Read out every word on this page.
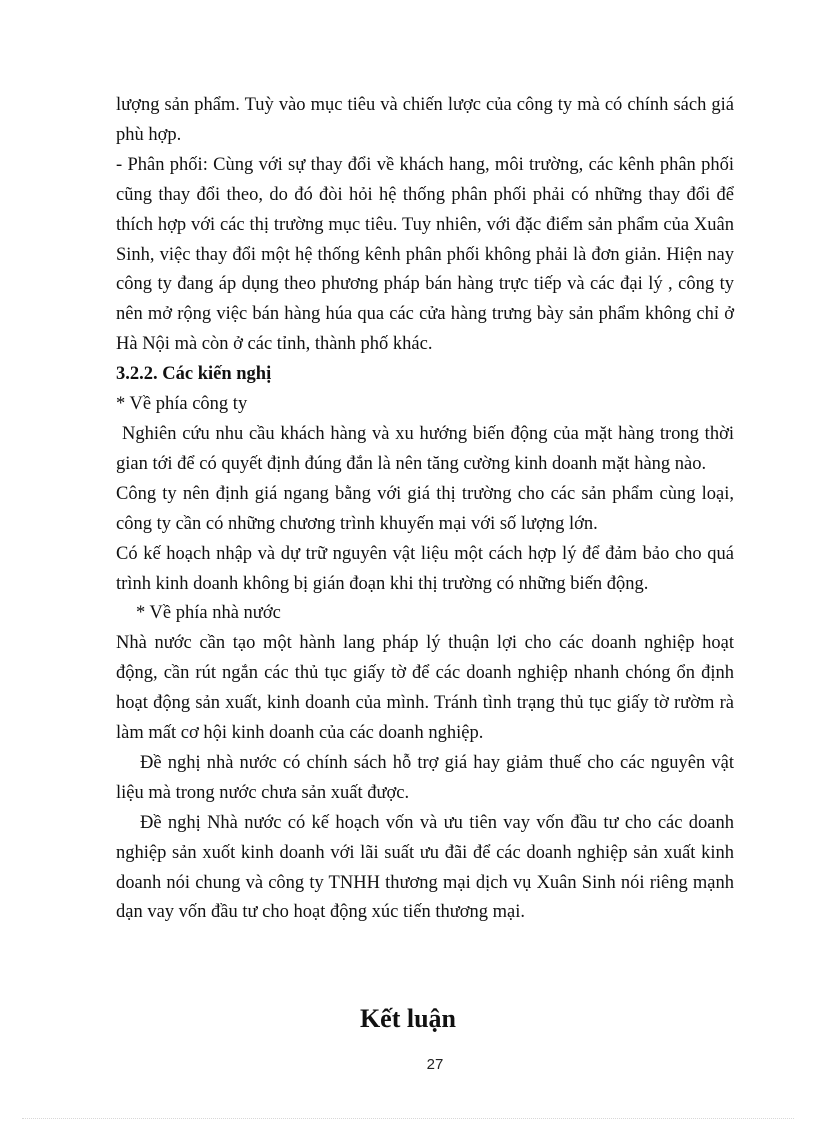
lượng sản phẩm. Tuỳ vào mục tiêu và chiến lược của công ty mà có chính sách giá phù hợp.

- Phân phối: Cùng với sự thay đổi về khách hang, môi trường, các kênh phân phối cũng thay đổi theo, do đó đòi hỏi hệ thống phân phối phải có những thay đổi để thích hợp với các thị trường mục tiêu. Tuy nhiên, với đặc điểm sản phẩm của Xuân Sinh, việc thay đổi một hệ thống kênh phân phối không phải là đơn giản. Hiện nay công ty đang áp dụng theo phương pháp bán hàng trực tiếp và các đại lý , công ty nên mở rộng việc bán hàng húa qua các cửa hàng trưng bày sản phẩm không chỉ ở Hà Nội mà còn ở các tỉnh, thành phố khác.

3.2.2. Các kiến nghị

* Về phía công ty

Nghiên cứu nhu cầu khách hàng và xu hướng biến động của mặt hàng trong thời gian tới để có quyết định đúng đắn là nên tăng cường kinh doanh mặt hàng nào.

Công ty nên định giá ngang bằng với giá thị trường cho các sản phẩm cùng loại, công ty cần có những chương trình khuyến mại với số lượng lớn.

Có kế hoạch nhập và dự trữ nguyên vật liệu một cách hợp lý để đảm bảo cho quá trình kinh doanh không bị gián đoạn khi thị trường có những biến động.

* Về phía nhà nước

Nhà nước cần tạo một hành lang pháp lý thuận lợi cho các doanh nghiệp hoạt động, cần rút ngắn các thủ tục giấy tờ để các doanh nghiệp nhanh chóng ổn định hoạt động sản xuất, kinh doanh của mình. Tránh tình trạng thủ tục giấy tờ rườm rà làm mất cơ hội kinh doanh của các doanh nghiệp.

Đề nghị nhà nước có chính sách hỗ trợ giá hay giảm thuế cho các nguyên vật liệu mà trong nước chưa sản xuất được.

Đề nghị Nhà nước có kế hoạch vốn và ưu tiên vay vốn đầu tư cho các doanh nghiệp sản xuốt kinh doanh với lãi suất ưu đãi để các doanh nghiệp sản xuất kinh doanh nói chung và công ty TNHH thương mại dịch vụ Xuân Sinh nói riêng mạnh dạn vay vốn đầu tư cho hoạt động xúc tiến thương mại.

Kết luận
27
